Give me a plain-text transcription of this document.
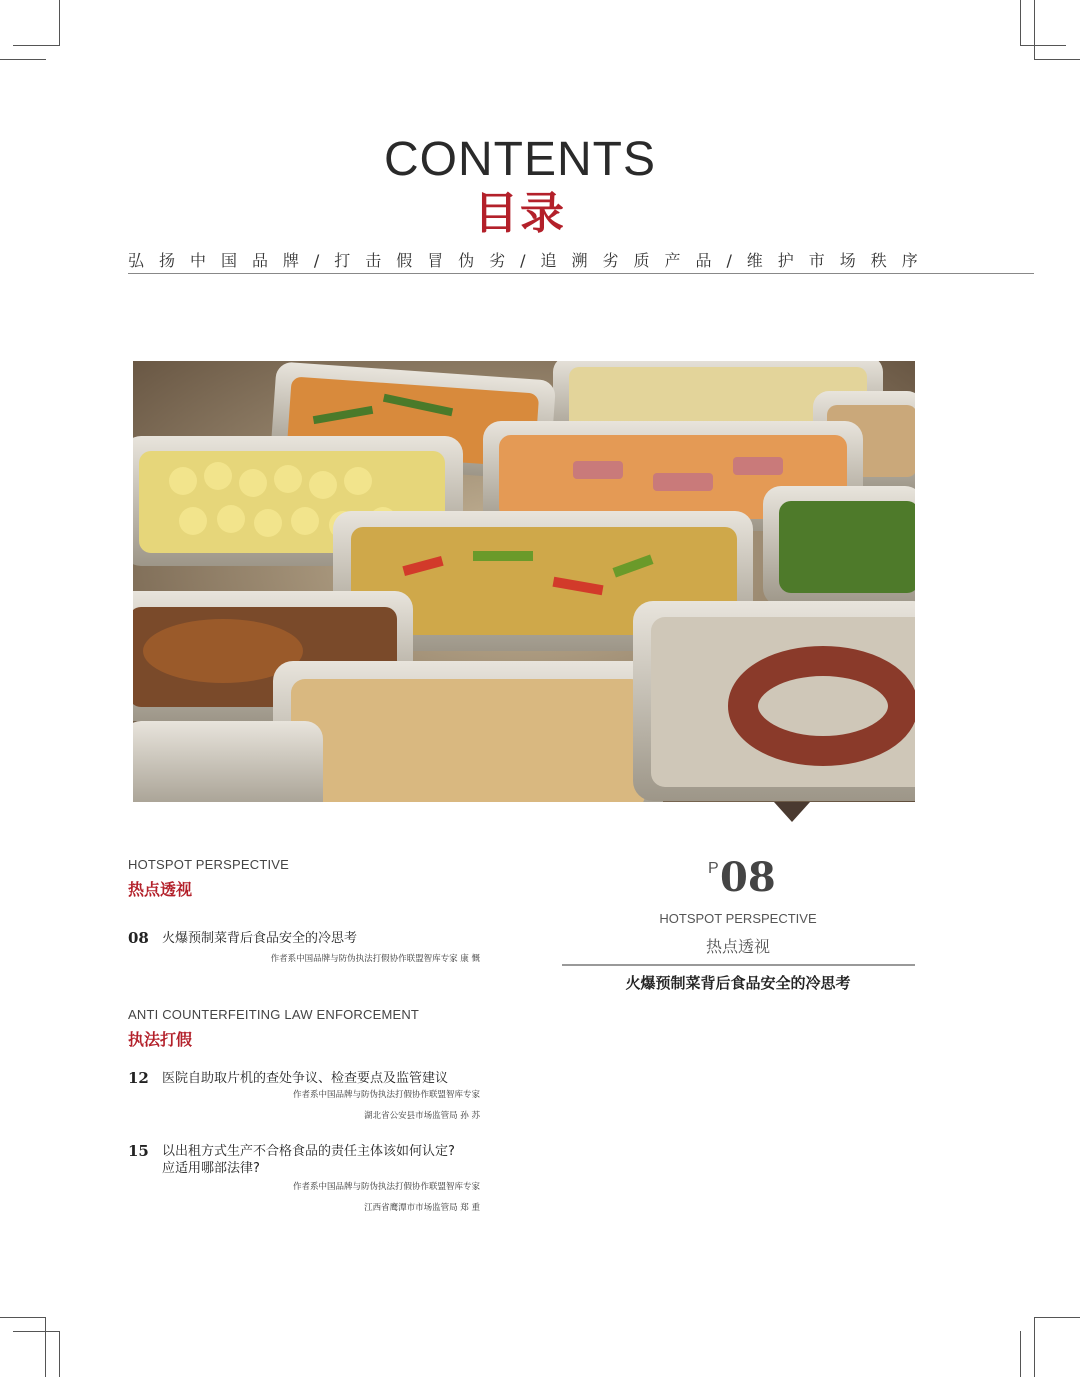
CONTENTS
目录
弘 扬 中 国 品 牌 / 打 击 假 冒 伪 劣 / 追 溯 劣 质 产 品 / 维 护 市 场 秩 序
HOTSPOT PERSPECTIVE
热点透视
08 火爆预制菜背后食品安全的冷思考
作者系中国品牌与防伪执法打假协作联盟智库专家 康 慨
ANTI COUNTERFEITING LAW ENFORCEMENT
执法打假
12 医院自助取片机的查处争议、检查要点及监管建议
作者系中国品牌与防伪执法打假协作联盟智库专家
湖北省公安县市场监管局 孙 苏
15 以出租方式生产不合格食品的责任主体该如何认定?
应适用哪部法律?
作者系中国品牌与防伪执法打假协作联盟智库专家
江西省鹰潭市市场监管局 郑 重
P 08
HOTSPOT PERSPECTIVE
热点透视
火爆预制菜背后食品安全的冷思考
